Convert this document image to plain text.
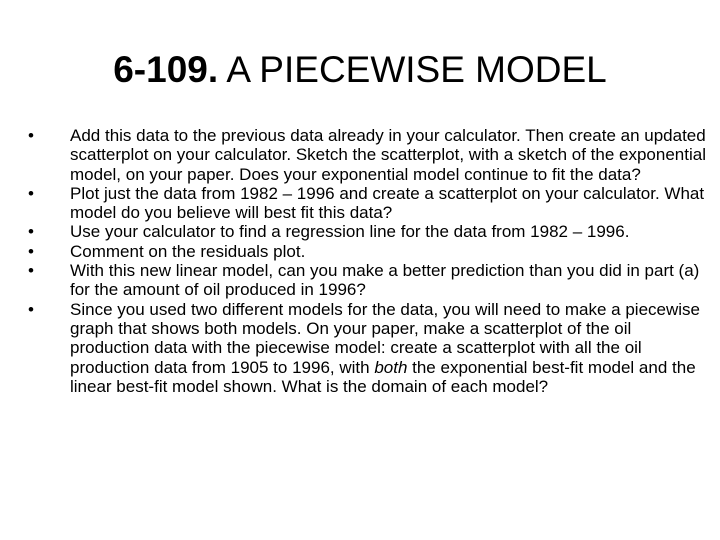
6-109. A PIECEWISE MODEL
•	Add this data to the previous data already in your calculator. Then create an updated scatterplot on your calculator. Sketch the scatterplot, with a sketch of the exponential model, on your paper. Does your exponential model continue to fit the data?
•	Plot just the data from 1982 – 1996 and create a scatterplot on your calculator. What model do you believe will best fit this data?
•	Use your calculator to find a regression line for the data from 1982 – 1996.
•	Comment on the residuals plot.
•	With this new linear model, can you make a better prediction than you did in part (a) for the amount of oil produced in 1996?
•	Since you used two different models for the data, you will need to make a piecewise graph that shows both models. On your paper, make a scatterplot of the oil production data with the piecewise model: create a scatterplot with all the oil production data from 1905 to 1996, with both the exponential best-fit model and the linear best-fit model shown. What is the domain of each model?
